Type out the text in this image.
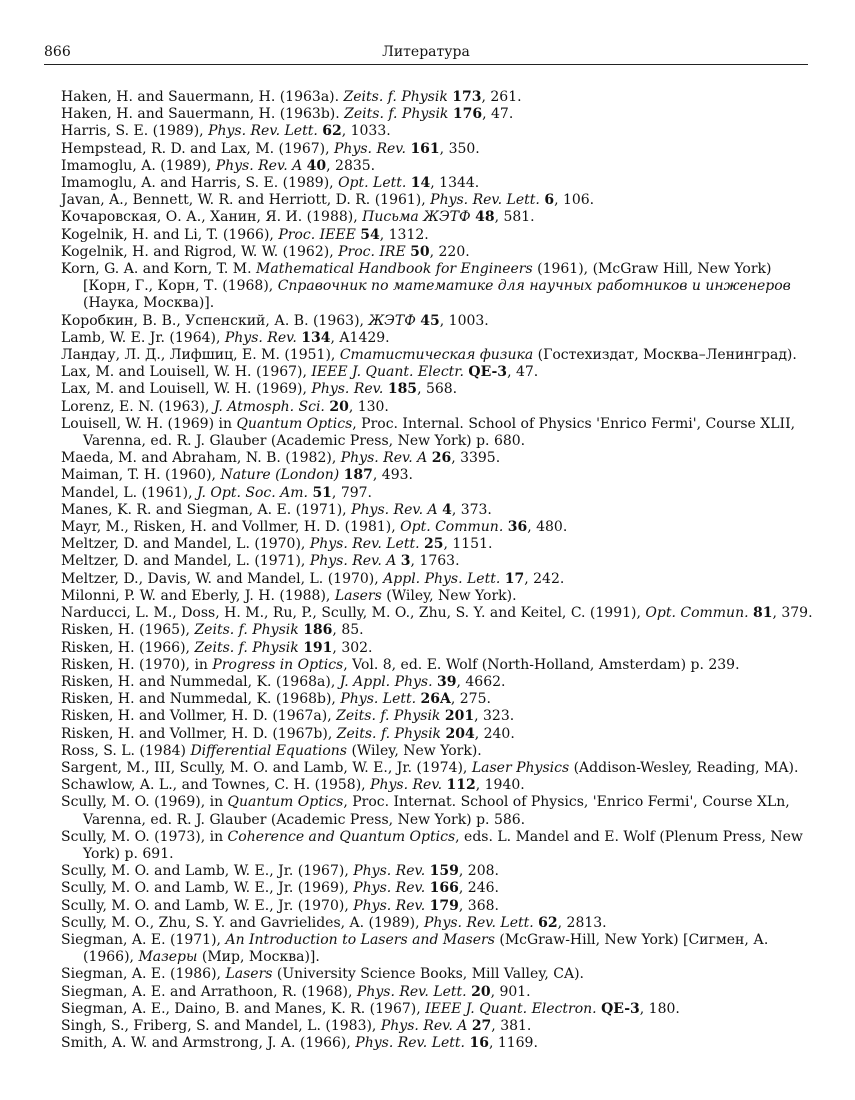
866	Литература

Haken, H. and Sauermann, H. (1963a). Zeits. f. Physik 173, 261.

Haken, H. and Sauermann, H. (1963b). Zeits. f. Physik 176, 47.

Harris, S. E. (1989), Phys. Rev. Lett. 62, 1033.

Hempstead, R. D. and Lax, M. (1967), Phys. Rev. 161, 350.

Imamoglu, A. (1989), Phys. Rev. A 40, 2835.

Imamoglu, A. and Harris, S. E. (1989), Opt. Lett. 14, 1344.

Javan, A., Bennett, W. R. and Herriott, D. R. (1961), Phys. Rev. Lett. 6, 106.

Кочаровская, О. А., Ханин, Я. И. (1988), Письма ЖЭТФ 48, 581.

Kogelnik, H. and Li, T. (1966), Proc. IEEE 54, 1312.

Kogelnik, H. and Rigrod, W. W. (1962), Proc. IRE 50, 220.

Korn, G. A. and Korn, T. M. Mathematical Handbook for Engineers (1961), (McGraw Hill, New York) [Корн, Г., Корн, Т. (1968), Справочник по математике для научных работников и инженеров (Наука, Москва)].

Коробкин, В. В., Успенский, А. В. (1963), ЖЭТФ 45, 1003.

Lamb, W. E. Jr. (1964), Phys. Rev. 134, A1429.

Ландау, Л. Д., Лифшиц, Е. М. (1951), Статистическая физика (Гостехиздат, Москва–Ленинград).

Lax, M. and Louisell, W. H. (1967), IEEE J. Quant. Electr. QE-3, 47.

Lax, M. and Louisell, W. H. (1969), Phys. Rev. 185, 568.

Lorenz, E. N. (1963), J. Atmosph. Sci. 20, 130.

Louisell, W. H. (1969) in Quantum Optics, Proc. Internal. School of Physics 'Enrico Fermi', Course XLII, Varenna, ed. R. J. Glauber (Academic Press, New York) p. 680.

Maeda, M. and Abraham, N. B. (1982), Phys. Rev. A 26, 3395.

Maiman, T. H. (1960), Nature (London) 187, 493.

Mandel, L. (1961), J. Opt. Soc. Am. 51, 797.

Manes, K. R. and Siegman, A. E. (1971), Phys. Rev. A 4, 373.

Mayr, M., Risken, H. and Vollmer, H. D. (1981), Opt. Commun. 36, 480.

Meltzer, D. and Mandel, L. (1970), Phys. Rev. Lett. 25, 1151.

Meltzer, D. and Mandel, L. (1971), Phys. Rev. A 3, 1763.

Meltzer, D., Davis, W. and Mandel, L. (1970), Appl. Phys. Lett. 17, 242.

Milonni, P. W. and Eberly, J. H. (1988), Lasers (Wiley, New York).

Narducci, L. M., Doss, H. M., Ru, P., Scully, M. O., Zhu, S. Y. and Keitel, C. (1991), Opt. Commun. 81, 379.

Risken, H. (1965), Zeits. f. Physik 186, 85.

Risken, H. (1966), Zeits. f. Physik 191, 302.

Risken, H. (1970), in Progress in Optics, Vol. 8, ed. E. Wolf (North-Holland, Amsterdam) p. 239.

Risken, H. and Nummedal, K. (1968a), J. Appl. Phys. 39, 4662.

Risken, H. and Nummedal, K. (1968b), Phys. Lett. 26A, 275.

Risken, H. and Vollmer, H. D. (1967a), Zeits. f. Physik 201, 323.

Risken, H. and Vollmer, H. D. (1967b), Zeits. f. Physik 204, 240.

Ross, S. L. (1984) Differential Equations (Wiley, New York).

Sargent, M., III, Scully, M. O. and Lamb, W. E., Jr. (1974), Laser Physics (Addison-Wesley, Reading, MA).

Schawlow, A. L., and Townes, C. H. (1958), Phys. Rev. 112, 1940.

Scully, M. O. (1969), in Quantum Optics, Proc. Internat. School of Physics, 'Enrico Fermi', Course XLn, Varenna, ed. R. J. Glauber (Academic Press, New York) p. 586.

Scully, M. O. (1973), in Coherence and Quantum Optics, eds. L. Mandel and E. Wolf (Plenum Press, New York) p. 691.

Scully, M. O. and Lamb, W. E., Jr. (1967), Phys. Rev. 159, 208.

Scully, M. O. and Lamb, W. E., Jr. (1969), Phys. Rev. 166, 246.

Scully, M. O. and Lamb, W. E., Jr. (1970), Phys. Rev. 179, 368.

Scully, M. O., Zhu, S. Y. and Gavrielides, A. (1989), Phys. Rev. Lett. 62, 2813.

Siegman, A. E. (1971), An Introduction to Lasers and Masers (McGraw-Hill, New York) [Сигмен, А. (1966), Мазеры (Мир, Москва)].

Siegman, A. E. (1986), Lasers (University Science Books, Mill Valley, CA).

Siegman, A. E. and Arrathoon, R. (1968), Phys. Rev. Lett. 20, 901.

Siegman, A. E., Daino, B. and Manes, K. R. (1967), IEEE J. Quant. Electron. QE-3, 180.

Singh, S., Friberg, S. and Mandel, L. (1983), Phys. Rev. A 27, 381.

Smith, A. W. and Armstrong, J. A. (1966), Phys. Rev. Lett. 16, 1169.
